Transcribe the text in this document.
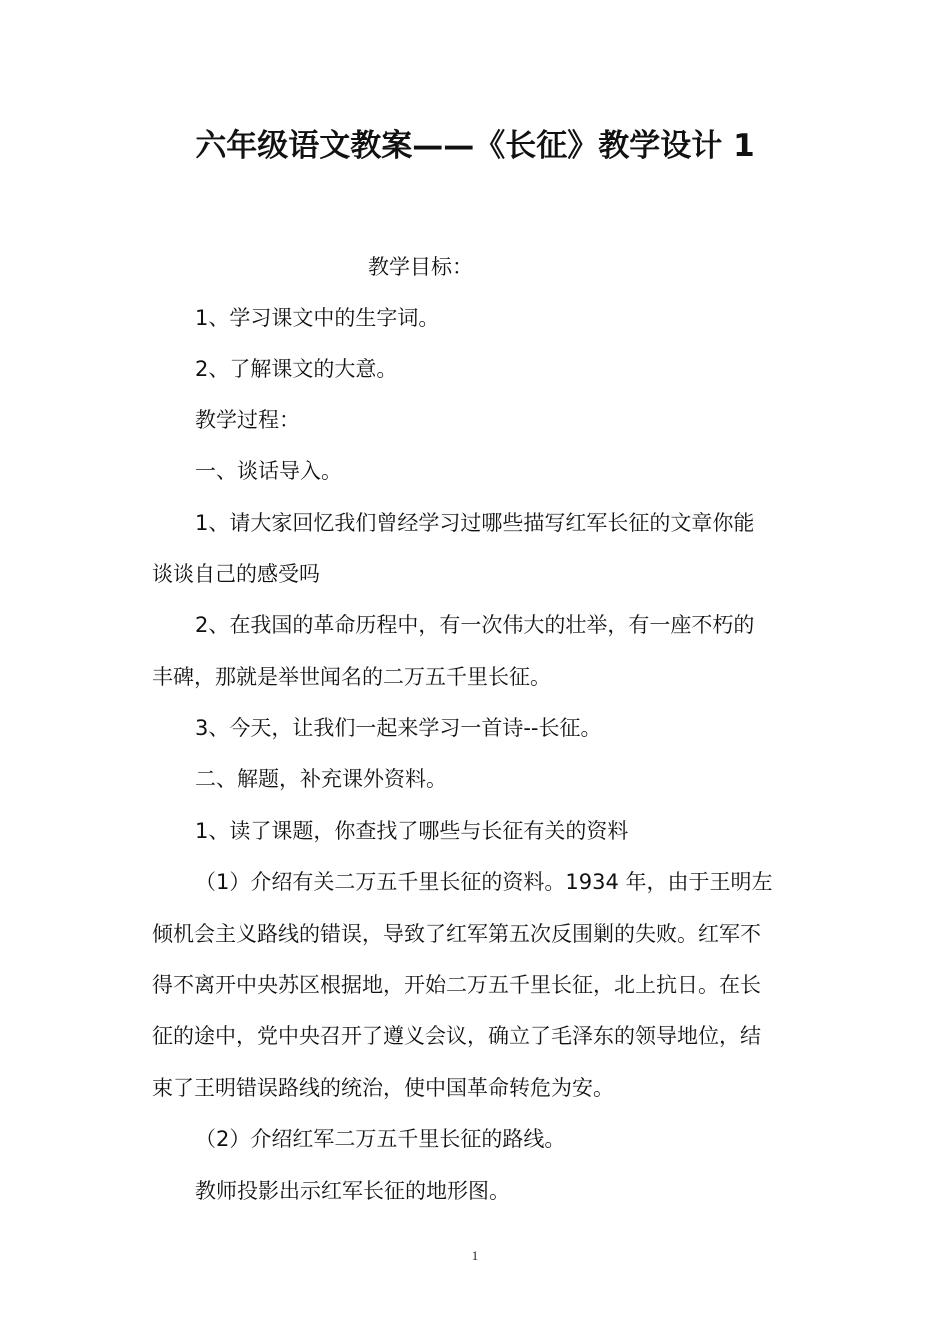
六年级语文教案——《长征》教学设计 1

教学目标：

1、学习课文中的生字词。

2、了解课文的大意。

教学过程：

一、谈话导入。

1、请大家回忆我们曾经学习过哪些描写红军长征的文章你能

谈谈自己的感受吗

2、在我国的革命历程中，有一次伟大的壮举，有一座不朽的

丰碑，那就是举世闻名的二万五千里长征。

3、今天，让我们一起来学习一首诗--长征。

二、解题，补充课外资料。

1、读了课题，你查找了哪些与长征有关的资料

（1）介绍有关二万五千里长征的资料。1934 年，由于王明左

倾机会主义路线的错误，导致了红军第五次反围剿的失败。红军不

得不离开中央苏区根据地，开始二万五千里长征，北上抗日。在长

征的途中，党中央召开了遵义会议，确立了毛泽东的领导地位，结

束了王明错误路线的统治，使中国革命转危为安。

（2）介绍红军二万五千里长征的路线。

教师投影出示红军长征的地形图。

1
